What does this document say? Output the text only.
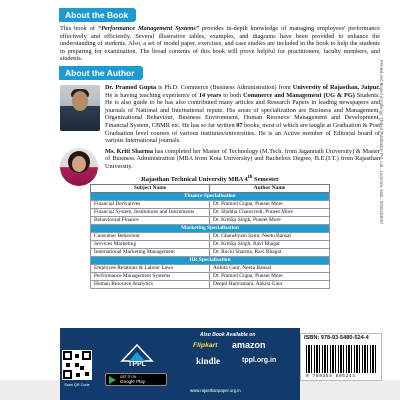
About the Book

This book of “Performance Management Systems” provides in-depth knowledge of managing employees' performance effectively and efficiently. Several illustrative tables, examples, and diagrams have been provided to enhance the understanding of students. Also, a set of model paper, exercises, and case studies are included in the book to help the students in preparing for examination. The broad contents of this book will prove helpful for practitioners, faculty members, and students.

About the Author

Dr. Pramod Gupta is Ph.D. Commerce (Business Administration) from University of Rajasthan, Jaipur. He is having teaching experience of 14 years to both Commerce and Management (UG & PG) Students. He is also guide to be has also contributed many articles and Research Papers in leading newspapers and journals of National and International repute. His areas of specialization are Business and Management, Organizational Behaviour, Business Environment, Human Resource Management and Development, Financial System, CBMR etc. He has so far written 07 books, most of which are taught at Graduation & Post Graduation level courses of various institutes/universities. He is an Active member of Editorial board of various International journals.

Ms. Kriti Sharma has completed her Master of Technology (M.Tech. from Jagannath University) & Master of Business Administration (MBA from Kota University) and Bachelors Degree, B.E.(I.T.) from Rajasthan University.

Rajasthan Technical University MBA 4th Semester
Subject Name	Author Name
Finance Specialisation	
Financial Derivatives	Dr. Pramod Gupta, Puneet More
Financial System, Institutions and Instruments	Dr. Shobha Chaturvedi, Puneet More
Behavioural Finance	Dr. Kritika Singh, Puneet More
Marketing Specialisation	
Consumer Behaviour	Dr. Ghanshyam Saini, Neetu Bansal
Services Marketing	Dr. Kritika Singh, Ravi Bhagat
International Marketing Management	Dr. Ruchi Sharma, Ravi Bhagat
HR Specialisation	
Employee Relations & Labour Laws	Ankita Gaur, Neetu Bansal
Performance Management Systems	Dr. Pramod Gupta, Puneet More
Human Resource Analytics	Deepti Hariramani, Ankita Gaur
Scan QR Code
TPPL
GET IT ON
Google Play
Also Book Available on
Flipkart amazon
kindle	tppl.org.in
www.rajasthanpaper.org.in
ISBN: 978-93-5480-524-4
9 789354 805244
Printed and Bound in India by: Thakur Publication Pvt. Ltd., Lucknow, Mob.: 9335183697
